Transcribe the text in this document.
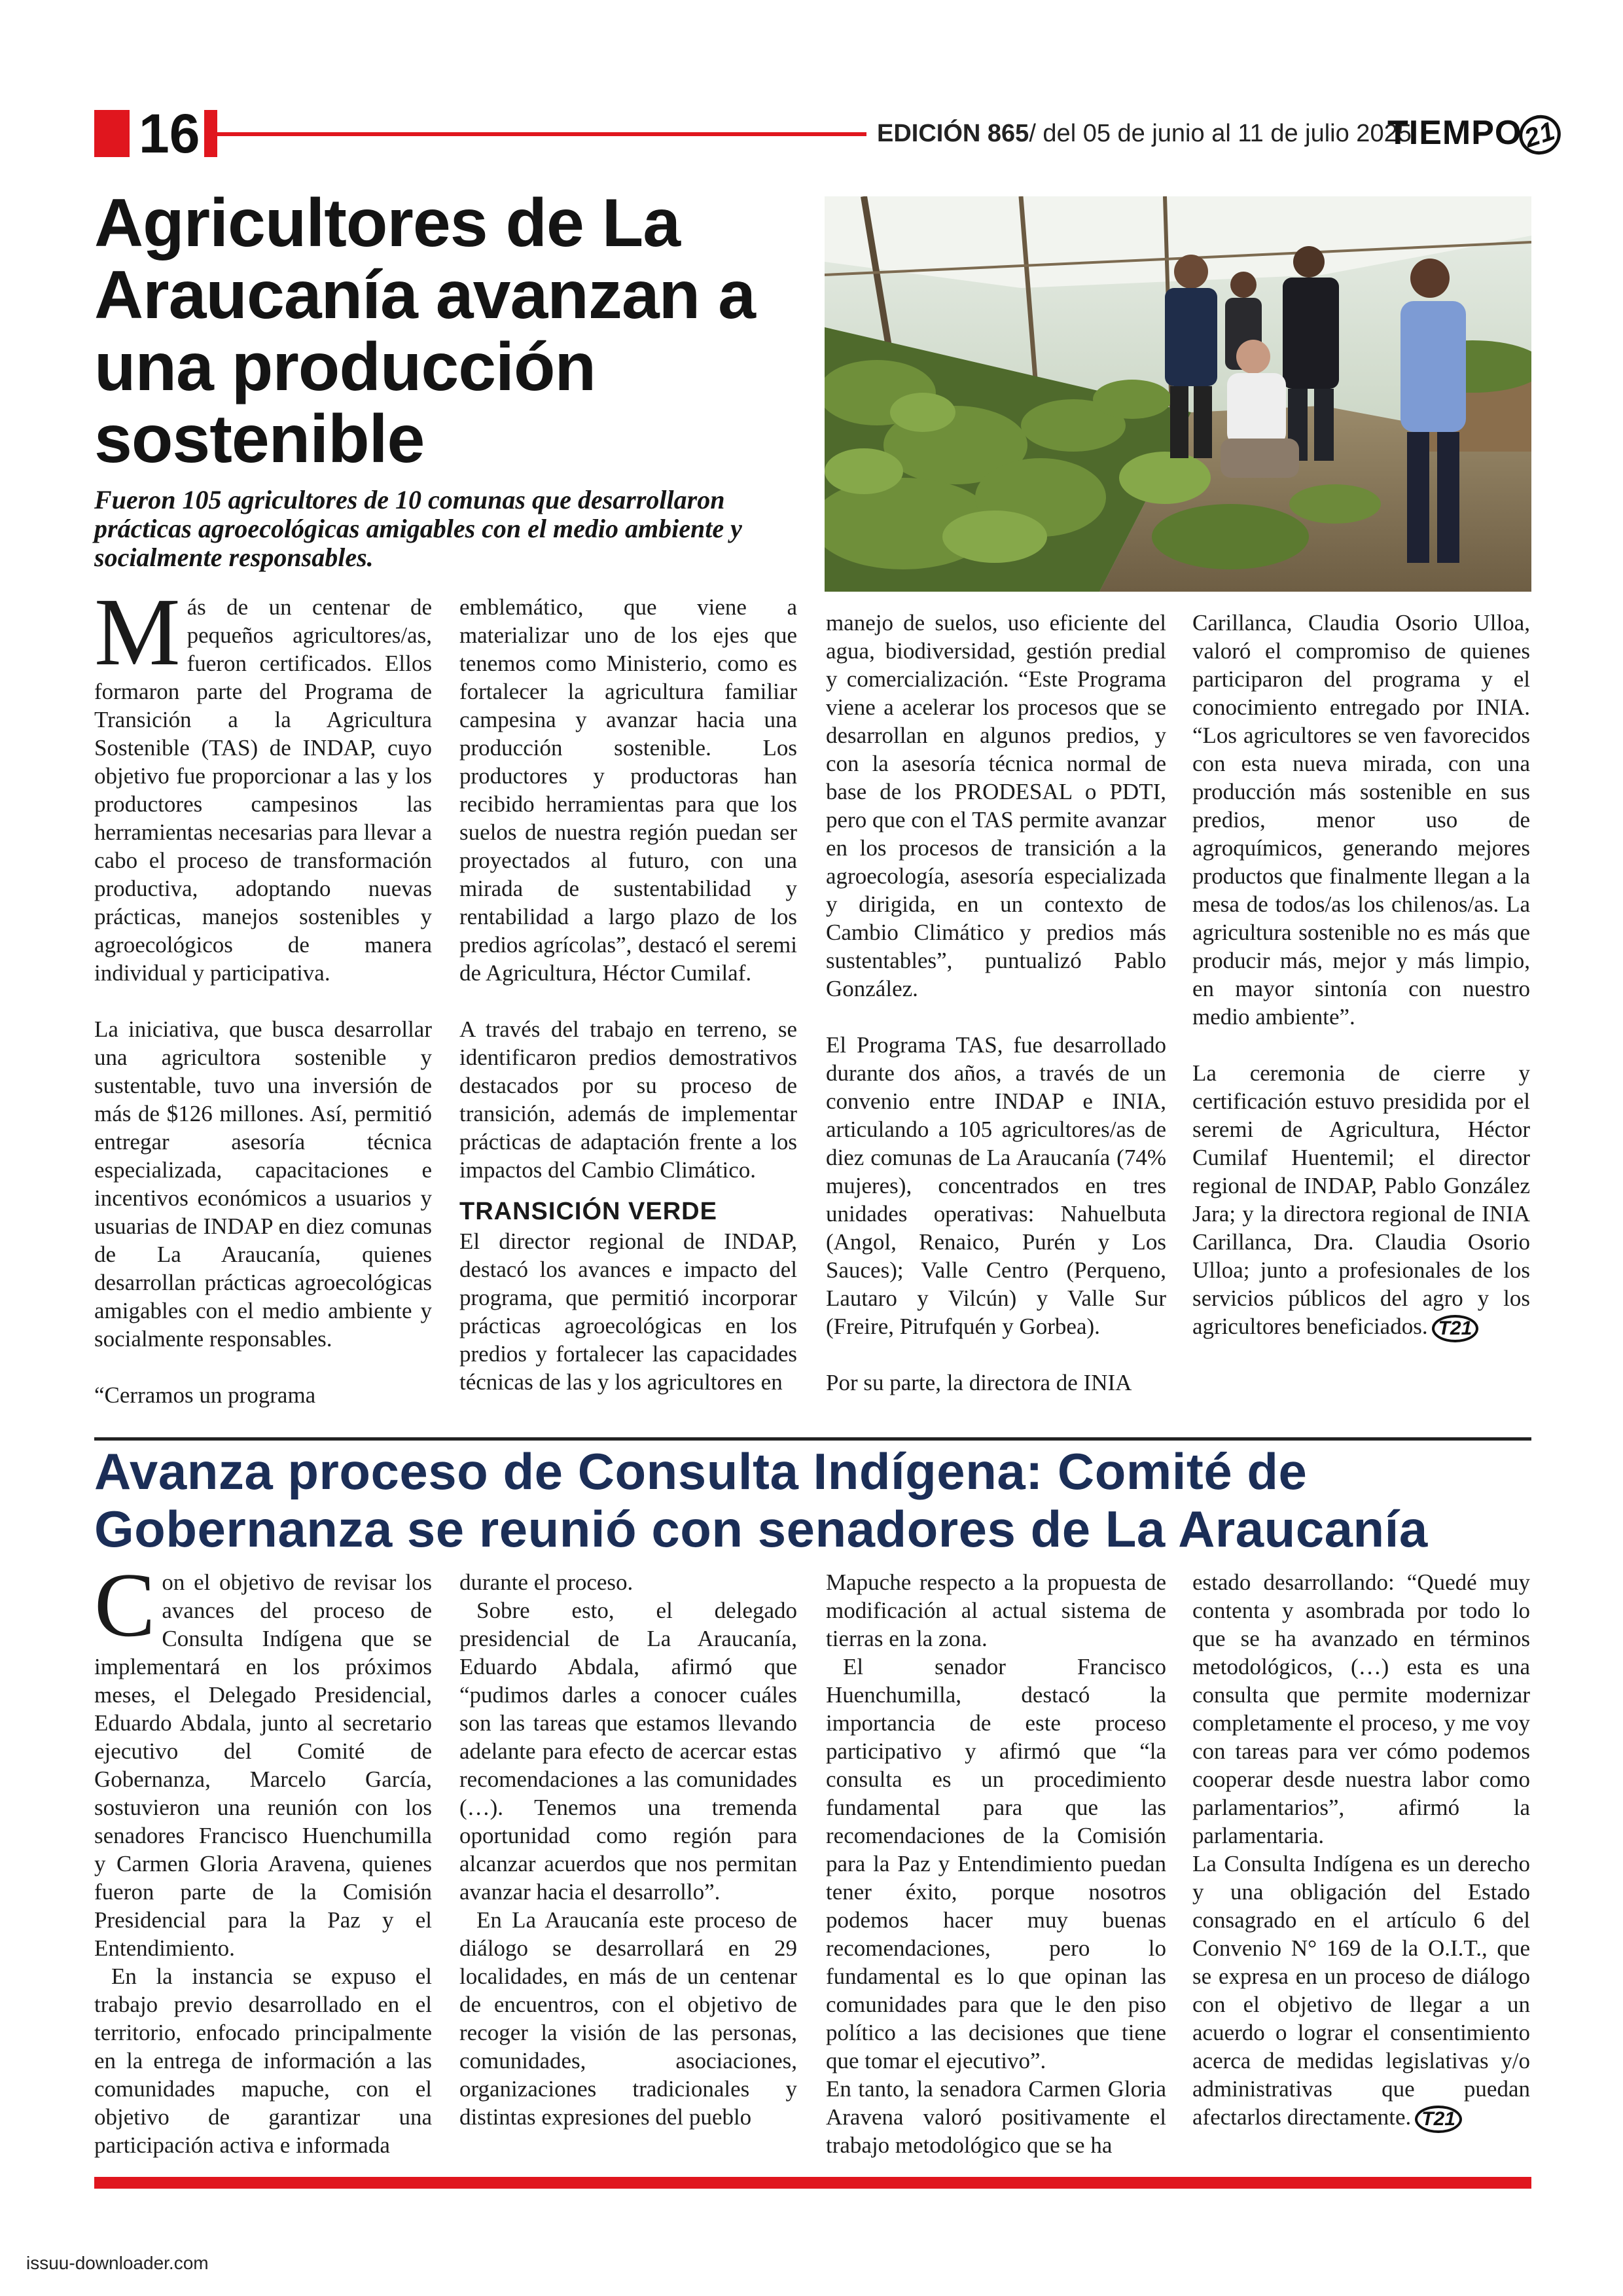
16	EDICIÓN 865/ del 05 de junio al 11 de julio 2025
TIEMPO21
Agricultores de La Araucanía avanzan a una producción sostenible

Fueron 105 agricultores de 10 comunas que desarrollaron prácticas agroecológicas amigables con el medio ambiente y socialmente responsables.

Más de un centenar de pequeños agricultores/as, fueron certificados. Ellos formaron parte del Programa de Transición a la Agricultura Sostenible (TAS) de INDAP, cuyo objetivo fue proporcionar a las y los productores campesinos las herramientas necesarias para llevar a cabo el proceso de transformación productiva, adoptando nuevas prácticas, manejos sostenibles y agroecológicos de manera individual y participativa.

La iniciativa, que busca desarrollar una agricultora sostenible y sustentable, tuvo una inversión de más de $126 millones. Así, permitió entregar asesoría técnica especializada, capacitaciones e incentivos económicos a usuarios y usuarias de INDAP en diez comunas de La Araucanía, quienes desarrollan prácticas agroecológicas amigables con el medio ambiente y socialmente responsables.

“Cerramos un programa

emblemático, que viene a materializar uno de los ejes que tenemos como Ministerio, como es fortalecer la agricultura familiar campesina y avanzar hacia una producción sostenible. Los productores y productoras han recibido herramientas para que los suelos de nuestra región puedan ser proyectados al futuro, con una mirada de sustentabilidad y rentabilidad a largo plazo de los predios agrícolas”, destacó el seremi de Agricultura, Héctor Cumilaf.

A través del trabajo en terreno, se identificaron predios demostrativos destacados por su proceso de transición, además de implementar prácticas de adaptación frente a los impactos del Cambio Climático.

TRANSICIÓN VERDE

El director regional de INDAP, destacó los avances e impacto del programa, que permitió incorporar prácticas agroecológicas en los predios y fortalecer las capacidades técnicas de las y los agricultores en

manejo de suelos, uso eficiente del agua, biodiversidad, gestión predial y comercialización. “Este Programa viene a acelerar los procesos que se desarrollan en algunos predios, y con la asesoría técnica normal de base de los PRODESAL o PDTI, pero que con el TAS permite avanzar en los procesos de transición a la agroecología, asesoría especializada y dirigida, en un contexto de Cambio Climático y predios más sustentables”, puntualizó Pablo González.

El Programa TAS, fue desarrollado durante dos años, a través de un convenio entre INDAP e INIA, articulando a 105 agricultores/as de diez comunas de La Araucanía (74% mujeres), concentrados en tres unidades operativas: Nahuelbuta (Angol, Renaico, Purén y Los Sauces); Valle Centro (Perqueno, Lautaro y Vilcún) y Valle Sur (Freire, Pitrufquén y Gorbea).

Por su parte, la directora de INIA

Carillanca, Claudia Osorio Ulloa, valoró el compromiso de quienes participaron del programa y el conocimiento entregado por INIA. “Los agricultores se ven favorecidos con esta nueva mirada, con una producción más sostenible en sus predios, menor uso de agroquímicos, generando mejores productos que finalmente llegan a la mesa de todos/as los chilenos/as. La agricultura sostenible no es más que producir más, mejor y más limpio, en mayor sintonía con nuestro medio ambiente”.

La ceremonia de cierre y certificación estuvo presidida por el seremi de Agricultura, Héctor Cumilaf Huentemil; el director regional de INDAP, Pablo González Jara; y la directora regional de INIA Carillanca, Dra. Claudia Osorio Ulloa; junto a profesionales de los servicios públicos del agro y los agricultores beneficiados. T21

Avanza proceso de Consulta Indígena: Comité de Gobernanza se reunió con senadores de La Araucanía

Con el objetivo de revisar los avances del proceso de Consulta Indígena que se implementará en los próximos meses, el Delegado Presidencial, Eduardo Abdala, junto al secretario ejecutivo del Comité de Gobernanza, Marcelo García, sostuvieron una reunión con los senadores Francisco Huenchumilla y Carmen Gloria Aravena, quienes fueron parte de la Comisión Presidencial para la Paz y el Entendimiento.

En la instancia se expuso el trabajo previo desarrollado en el territorio, enfocado principalmente en la entrega de información a las comunidades mapuche, con el objetivo de garantizar una participación activa e informada

durante el proceso.

Sobre esto, el delegado presidencial de La Araucanía, Eduardo Abdala, afirmó que “pudimos darles a conocer cuáles son las tareas que estamos llevando adelante para efecto de acercar estas recomendaciones a las comunidades (…). Tenemos una tremenda oportunidad como región para alcanzar acuerdos que nos permitan avanzar hacia el desarrollo”.

En La Araucanía este proceso de diálogo se desarrollará en 29 localidades, en más de un centenar de encuentros, con el objetivo de recoger la visión de las personas, comunidades, asociaciones, organizaciones tradicionales y distintas expresiones del pueblo

Mapuche respecto a la propuesta de modificación al actual sistema de tierras en la zona.

El senador Francisco Huenchumilla, destacó la importancia de este proceso participativo y afirmó que “la consulta es un procedimiento fundamental para que las recomendaciones de la Comisión para la Paz y Entendimiento puedan tener éxito, porque nosotros podemos hacer muy buenas recomendaciones, pero lo fundamental es lo que opinan las comunidades para que le den piso político a las decisiones que tiene que tomar el ejecutivo”.

En tanto, la senadora Carmen Gloria Aravena valoró positivamente el trabajo metodológico que se ha

estado desarrollando: “Quedé muy contenta y asombrada por todo lo que se ha avanzado en términos metodológicos, (…) esta es una consulta que permite modernizar completamente el proceso, y me voy con tareas para ver cómo podemos cooperar desde nuestra labor como parlamentarios”, afirmó la parlamentaria.

La Consulta Indígena es un derecho y una obligación del Estado consagrado en el artículo 6 del Convenio N° 169 de la O.I.T., que se expresa en un proceso de diálogo con el objetivo de llegar a un acuerdo o lograr el consentimiento acerca de medidas legislativas y/o administrativas que puedan afectarlos directamente. T21

issuu-downloader.com
